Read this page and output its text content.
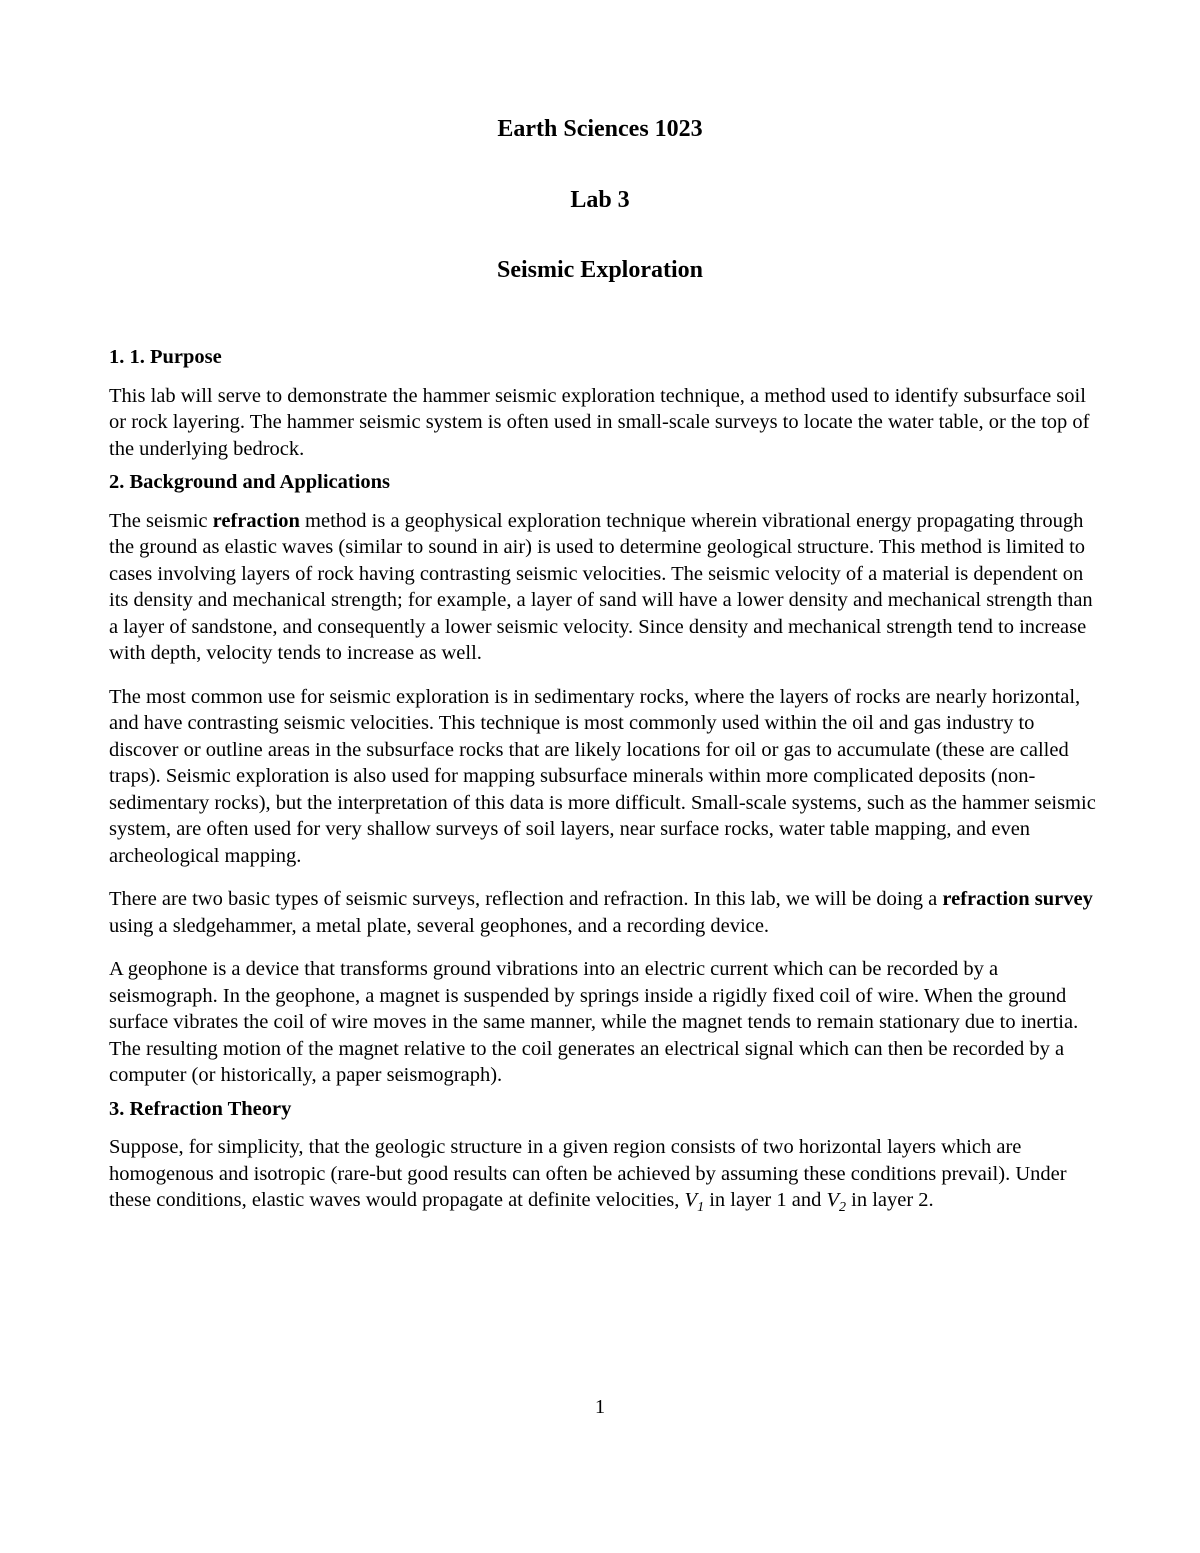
Earth Sciences 1023
Lab 3
Seismic Exploration
1. 1. Purpose

This lab will serve to demonstrate the hammer seismic exploration technique, a method used to identify subsurface soil or rock layering. The hammer seismic system is often used in small-scale surveys to locate the water table, or the top of the underlying bedrock.

2. Background and Applications

The seismic refraction method is a geophysical exploration technique wherein vibrational energy propagating through the ground as elastic waves (similar to sound in air) is used to determine geological structure. This method is limited to cases involving layers of rock having contrasting seismic velocities. The seismic velocity of a material is dependent on its density and mechanical strength; for example, a layer of sand will have a lower density and mechanical strength than a layer of sandstone, and consequently a lower seismic velocity. Since density and mechanical strength tend to increase with depth, velocity tends to increase as well.

The most common use for seismic exploration is in sedimentary rocks, where the layers of rocks are nearly horizontal, and have contrasting seismic velocities. This technique is most commonly used within the oil and gas industry to discover or outline areas in the subsurface rocks that are likely locations for oil or gas to accumulate (these are called traps). Seismic exploration is also used for mapping subsurface minerals within more complicated deposits (non-sedimentary rocks), but the interpretation of this data is more difficult. Small-scale systems, such as the hammer seismic system, are often used for very shallow surveys of soil layers, near surface rocks, water table mapping, and even archeological mapping.

There are two basic types of seismic surveys, reflection and refraction. In this lab, we will be doing a refraction survey using a sledgehammer, a metal plate, several geophones, and a recording device.

A geophone is a device that transforms ground vibrations into an electric current which can be recorded by a seismograph. In the geophone, a magnet is suspended by springs inside a rigidly fixed coil of wire. When the ground surface vibrates the coil of wire moves in the same manner, while the magnet tends to remain stationary due to inertia. The resulting motion of the magnet relative to the coil generates an electrical signal which can then be recorded by a computer (or historically, a paper seismograph).

3. Refraction Theory

Suppose, for simplicity, that the geologic structure in a given region consists of two horizontal layers which are homogenous and isotropic (rare-but good results can often be achieved by assuming these conditions prevail). Under these conditions, elastic waves would propagate at definite velocities, $V_1$ in layer 1 and $V_2$ in layer 2.

1
